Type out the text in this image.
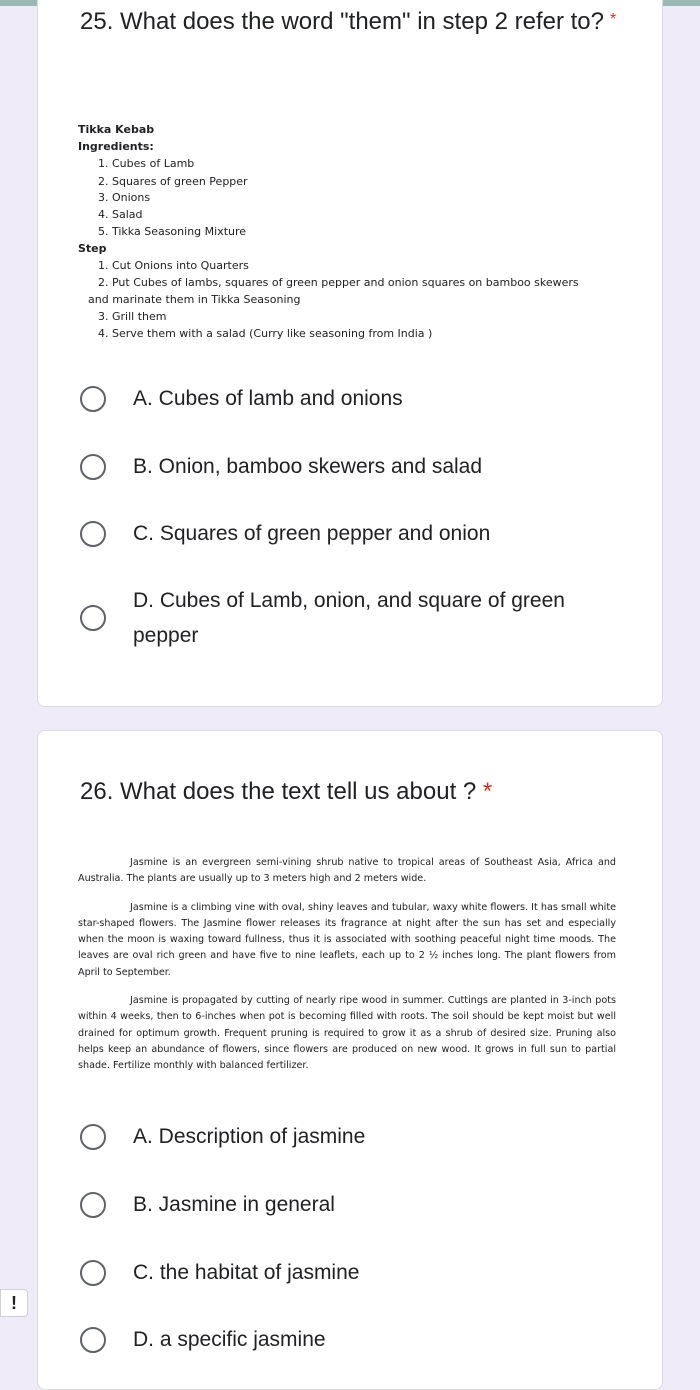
25. What does the word "them" in step 2 refer to? *
Tikka Kebab
Ingredients:
1. Cubes of Lamb
2. Squares of green Pepper
3. Onions
4. Salad
5. Tikka Seasoning Mixture
Step
1. Cut Onions into Quarters
2. Put Cubes of lambs, squares of green pepper and onion squares on bamboo skewers
and marinate them in Tikka Seasoning
3. Grill them
4. Serve them with a salad (Curry like seasoning from India )
A. Cubes of lamb and onions
B. Onion, bamboo skewers and salad
C. Squares of green pepper and onion
D. Cubes of Lamb, onion, and square of green pepper
26. What does the text tell us about ? *

Jasmine is an evergreen semi-vining shrub native to tropical areas of Southeast Asia, Africa and Australia. The plants are usually up to 3 meters high and 2 meters wide.

Jasmine is a climbing vine with oval, shiny leaves and tubular, waxy white flowers. It has small white star-shaped flowers. The Jasmine flower releases its fragrance at night after the sun has set and especially when the moon is waxing toward fullness, thus it is associated with soothing peaceful night time moods. The leaves are oval rich green and have five to nine leaflets, each up to 2 ½ inches long. The plant flowers from April to September.

Jasmine is propagated by cutting of nearly ripe wood in summer. Cuttings are planted in 3-inch pots within 4 weeks, then to 6-inches when pot is becoming filled with roots. The soil should be kept moist but well drained for optimum growth. Frequent pruning is required to grow it as a shrub of desired size. Pruning also helps keep an abundance of flowers, since flowers are produced on new wood. It grows in full sun to partial shade. Fertilize monthly with balanced fertilizer.

A. Description of jasmine
B. Jasmine in general
C. the habitat of jasmine
D. a specific jasmine
!
